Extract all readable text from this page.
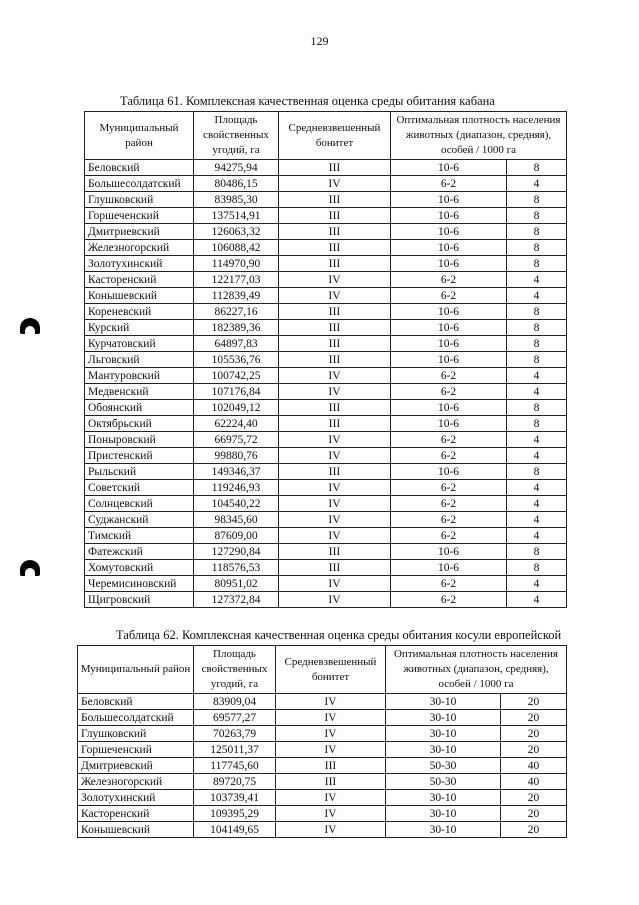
129
Таблица 61. Комплексная качественная оценка среды обитания кабана
Муниципальный район	Площадь свойственных угодий, га	Средневзвешенный бонитет	Оптимальная плотность населения животных (диапазон, средняя), особей / 1000 га	
Беловский	94275,94	III	10-6	8
Большесолдатский	80486,15	IV	6-2	4
Глушковский	83985,30	III	10-6	8
Горшеченский	137514,91	III	10-6	8
Дмитриевский	126063,32	III	10-6	8
Железногорский	106088,42	III	10-6	8
Золотухинский	114970,90	III	10-6	8
Касторенский	122177,03	IV	6-2	4
Конышевский	112839,49	IV	6-2	4
Кореневский	86227,16	III	10-6	8
Курский	182389,36	III	10-6	8
Курчатовский	64897,83	III	10-6	8
Льговский	105536,76	III	10-6	8
Мантуровский	100742,25	IV	6-2	4
Медвенский	107176,84	IV	6-2	4
Обоянский	102049,12	III	10-6	8
Октябрьский	62224,40	III	10-6	8
Поныровский	66975,72	IV	6-2	4
Пристенский	99880,76	IV	6-2	4
Рыльский	149346,37	III	10-6	8
Советский	119246,93	IV	6-2	4
Солнцевский	104540,22	IV	6-2	4
Суджанский	98345,60	IV	6-2	4
Тимский	87609,00	IV	6-2	4
Фатежский	127290,84	III	10-6	8
Хомутовский	118576,53	III	10-6	8
Черемисиновский	80951,02	IV	6-2	4
Щигровский	127372,84	IV	6-2	4
Таблица 62. Комплексная качественная оценка среды обитания косули европейской
Муниципальный район	Площадь свойственных угодий, га	Средневзвешенный бонитет	Оптимальная плотность населения животных (диапазон, средняя), особей / 1000 га	
Беловский	83909,04	IV	30-10	20
Большесолдатский	69577,27	IV	30-10	20
Глушковский	70263,79	IV	30-10	20
Горшеченский	125011,37	IV	30-10	20
Дмитриевский	117745,60	III	50-30	40
Железногорский	89720,75	III	50-30	40
Золотухинский	103739,41	IV	30-10	20
Касторенский	109395,29	IV	30-10	20
Конышевский	104149,65	IV	30-10	20
